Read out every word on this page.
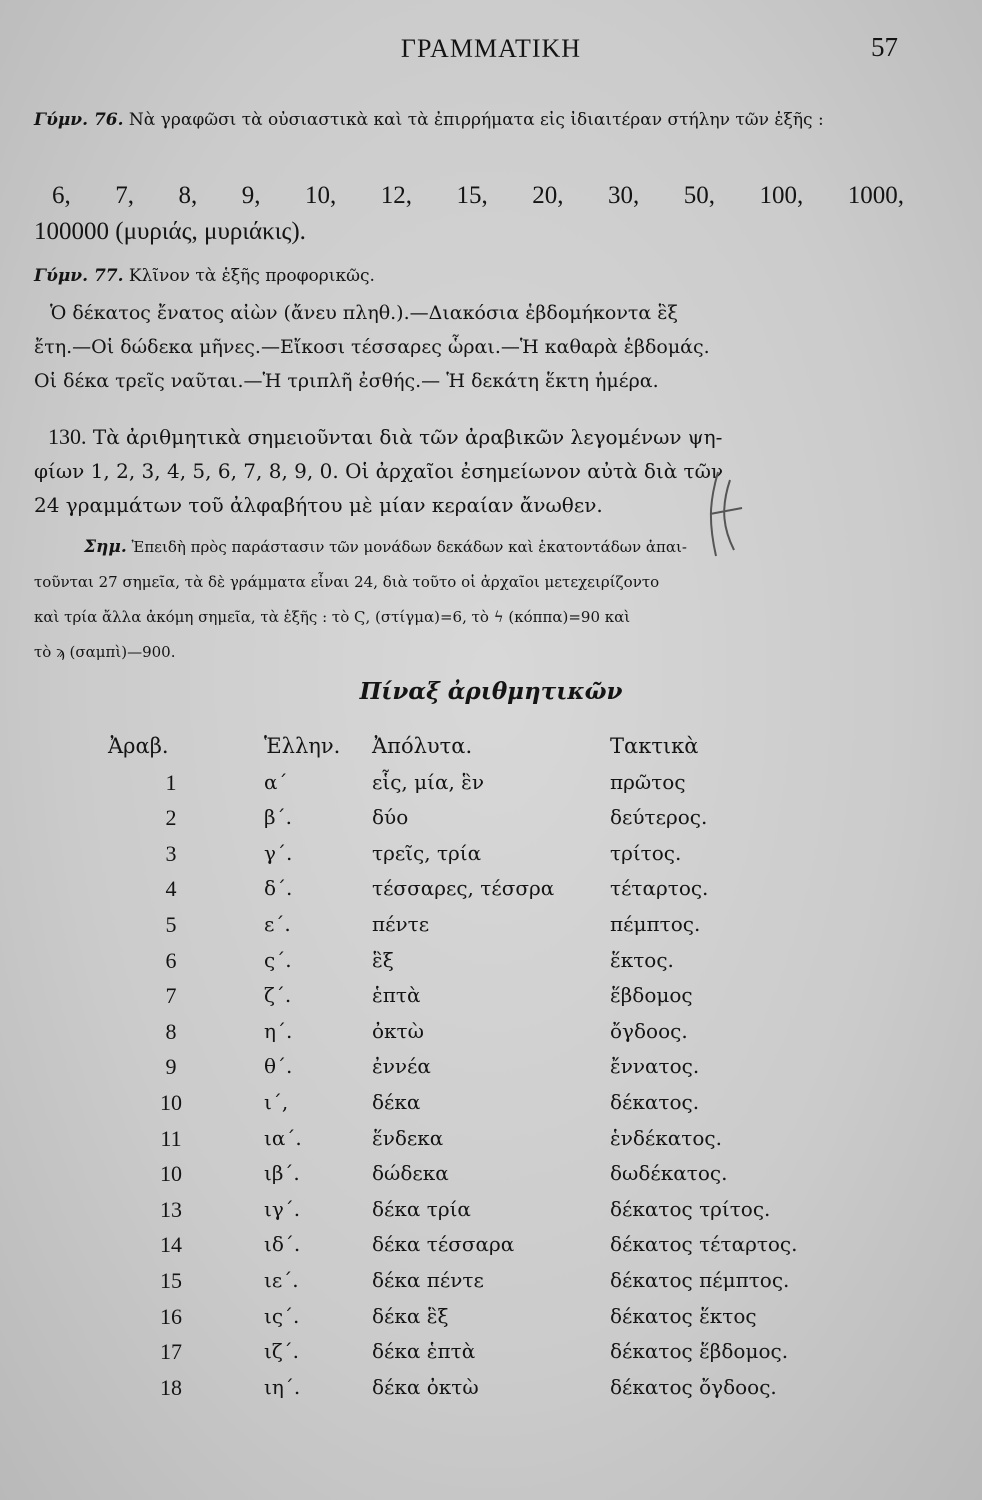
ΓΡΑΜΜΑΤΙΚΗ	57
Γύμν. 76. Νὰ γραφῶσι τὰ οὐσιαστικὰ καὶ τὰ ἐπιρρήματα εἰς ἰδιαιτέραν στήλην τῶν ἑξῆς :
6, 7, 8, 9, 10, 12, 15, 20, 30, 50, 100, 1000,
100000 (μυριάς, μυριάκις).
Γύμν. 77. Κλῖνον τὰ ἑξῆς προφορικῶς.
Ὁ δέκατος ἔνατος αἰὼν (ἄνευ πληθ.).—Διακόσια ἑβδομήκοντα ἓξ
ἔτη.—Οἱ δώδεκα μῆνες.—Εἴκοσι τέσσαρες ὧραι.—Ἡ καθαρὰ ἑβδομάς.
Οἱ δέκα τρεῖς ναῦται.—Ἡ τριπλῆ ἐσθής.— Ἡ δεκάτη ἕκτη ἡμέρα.
130. Τὰ ἀριθμητικὰ σημειοῦνται διὰ τῶν ἀραβικῶν λεγομένων ψη-
φίων 1, 2, 3, 4, 5, 6, 7, 8, 9, 0. Οἱ ἀρχαῖοι ἐσημείωνον αὐτὰ διὰ τῶν
24 γραμμάτων τοῦ ἀλφαβήτου μὲ μίαν κεραίαν ἄνωθεν.
Σημ. Ἐπειδὴ πρὸς παράστασιν τῶν μονάδων δεκάδων καὶ ἑκατοντάδων ἀπαι-
τοῦνται 27 σημεῖα, τὰ δὲ γράμματα εἶναι 24, διὰ τοῦτο οἱ ἀρχαῖοι μετεχειρίζοντο
καὶ τρία ἄλλα ἀκόμη σημεῖα, τὰ ἑξῆς : τὸ Ϛ, (στίγμα)=6, τὸ ϟ (κόππα)=90 καὶ
τὸ ϡ (σαμπὶ)—900.
Πίναξ ἀριθμητικῶν
Ἀραβ.	Ἑλλην. Ἀπόλυτα.	Τακτικὰ
1	α΄	εἷς, μία, ἓν	πρῶτος
2	β΄.	δύο	δεύτερος.
3	γ΄.	τρεῖς, τρία	τρίτος.
4	δ΄.	τέσσαρες, τέσσρα	τέταρτος.
5	ε΄.	πέντε	πέμπτος.
6	ς΄.	ἓξ	ἕκτος.
7	ζ΄.	ἑπτὰ	ἕβδομος
8	η΄.	ὀκτὼ	ὄγδοος.
9	θ΄.	ἐννέα	ἔννατος.
10	ι΄,	δέκα	δέκατος.
11	ια΄.	ἕνδεκα	ἑνδέκατος.
10	ιβ΄.	δώδεκα	δωδέκατος.
13	ιγ΄.	δέκα τρία	δέκατος τρίτος.
14	ιδ΄.	δέκα τέσσαρα	δέκατος τέταρτος.
15	ιε΄.	δέκα πέντε	δέκατος πέμπτος.
16	ις΄.	δέκα ἓξ	δέκατος ἕκτος
17	ιζ΄.	δέκα ἑπτὰ	δέκατος ἕβδομος.
18	ιη΄.	δέκα ὀκτὼ	δέκατος ὄγδοος.
